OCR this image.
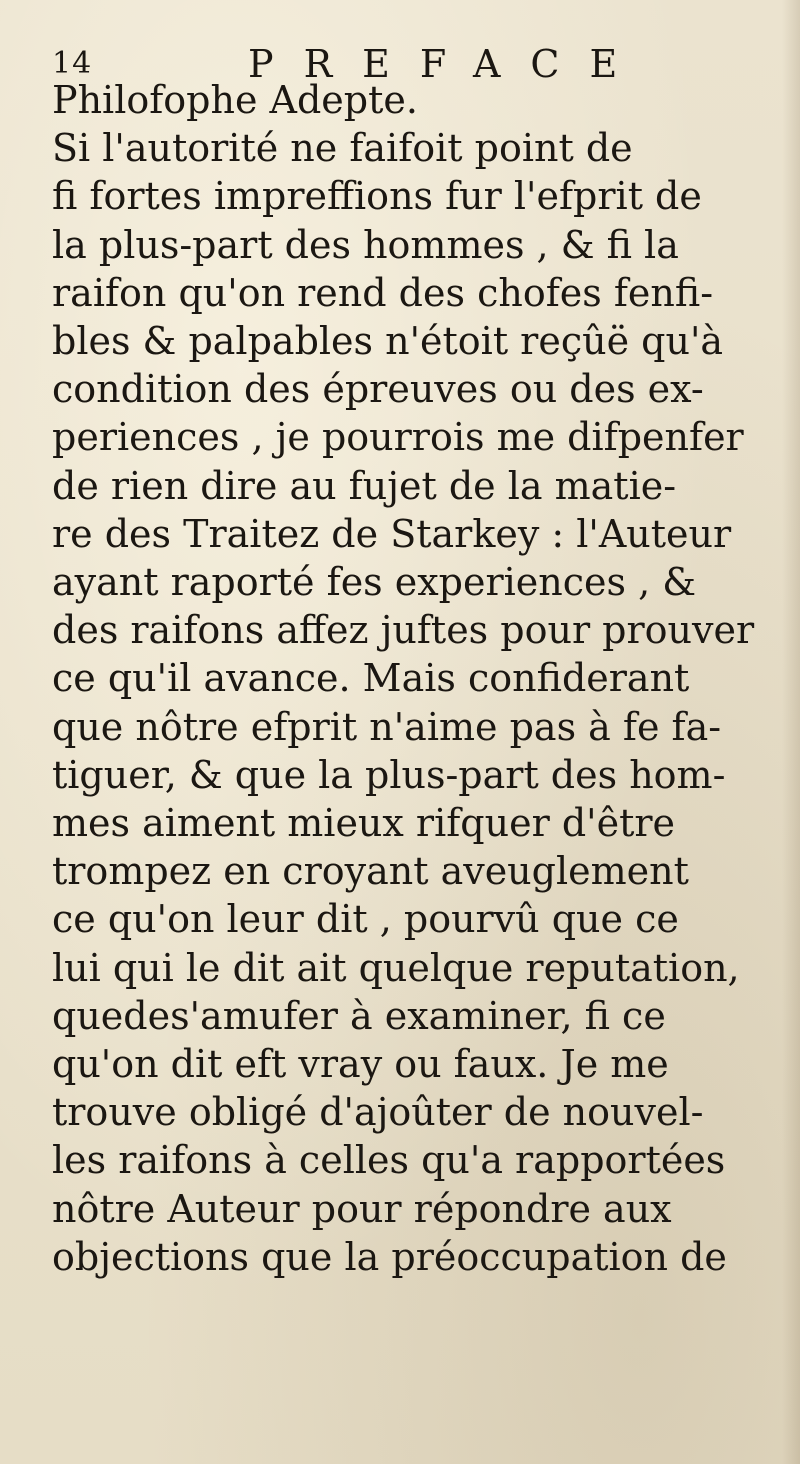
14	PREFACE
Philofophe Adepte.
Si l'autorité ne faifoit point de
fi fortes impreffions fur l'efprit de
la plus-part des hommes , & fi la
raifon qu'on rend des chofes fenfi-
bles & palpables n'étoit reçûë qu'à
condition des épreuves ou des ex-
periences , je pourrois me difpenfer
de rien dire au fujet de la matie-
re des Traitez de Starkey : l'Auteur
ayant raporté fes experiences , &
des raifons affez juftes pour prouver
ce qu'il avance. Mais confiderant
que nôtre efprit n'aime pas à fe fa-
tiguer, & que la plus-part des hom-
mes aiment mieux rifquer d'être
trompez en croyant aveuglement
ce qu'on leur dit , pourvû que ce
lui qui le dit ait quelque reputation,
quedes'amufer à examiner, fi ce
qu'on dit eft vray ou faux. Je me
trouve obligé d'ajoûter de nouvel-
les raifons à celles qu'a rapportées
nôtre Auteur pour répondre aux
objections que la préoccupation de
